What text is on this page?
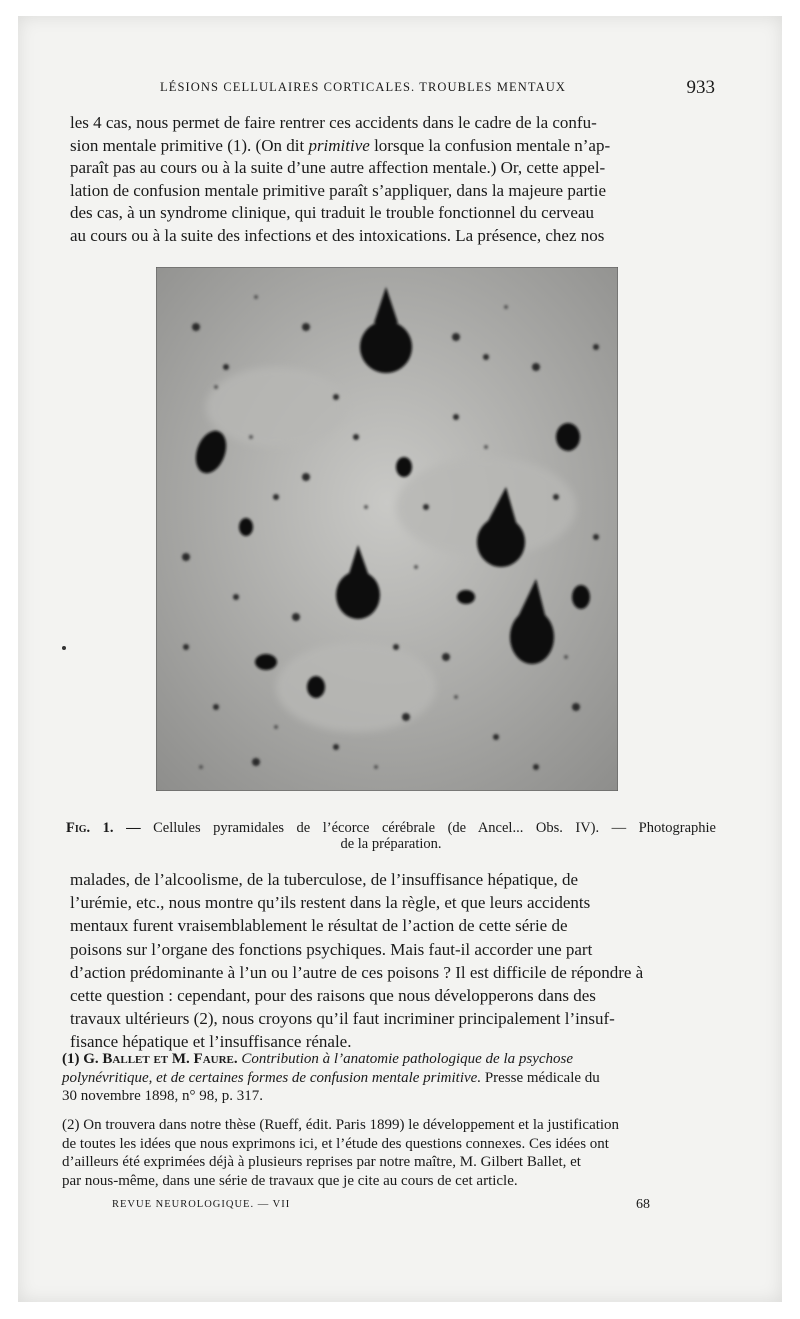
LÉSIONS CELLULAIRES CORTICALES. TROUBLES MENTAUX	933
les 4 cas, nous permet de faire rentrer ces accidents dans le cadre de la confu-
sion mentale primitive (1). (On dit primitive lorsque la confusion mentale n’ap-
paraît pas au cours ou à la suite d’une autre affection mentale.) Or, cette appel-
lation de confusion mentale primitive paraît s’appliquer, dans la majeure partie
des cas, à un syndrome clinique, qui traduit le trouble fonctionnel du cerveau
au cours ou à la suite des infections et des intoxications. La présence, chez nos
Fig. 1. — Cellules pyramidales de l’écorce cérébrale (de Ancel... Obs. IV). — Photographie
de la préparation.
malades, de l’alcoolisme, de la tuberculose, de l’insuffisance hépatique, de
l’urémie, etc., nous montre qu’ils restent dans la règle, et que leurs accidents
mentaux furent vraisemblablement le résultat de l’action de cette série de
poisons sur l’organe des fonctions psychiques. Mais faut-il accorder une part
d’action prédominante à l’un ou l’autre de ces poisons ? Il est difficile de répondre à
cette question : cependant, pour des raisons que nous développerons dans des
travaux ultérieurs (2), nous croyons qu’il faut incriminer principalement l’insuf-
fisance hépatique et l’insuffisance rénale.
(1) G. Ballet et M. Faure. Contribution à l’anatomie pathologique de la psychose
polynévritique, et de certaines formes de confusion mentale primitive. Presse médicale du
30 novembre 1898, n° 98, p. 317.
(2) On trouvera dans notre thèse (Rueff, édit. Paris 1899) le développement et la justification
de toutes les idées que nous exprimons ici, et l’étude des questions connexes. Ces idées ont
d’ailleurs été exprimées déjà à plusieurs reprises par notre maître, M. Gilbert Ballet, et
par nous-même, dans une série de travaux que je cite au cours de cet article.
REVUE NEUROLOGIQUE. — VII	68
